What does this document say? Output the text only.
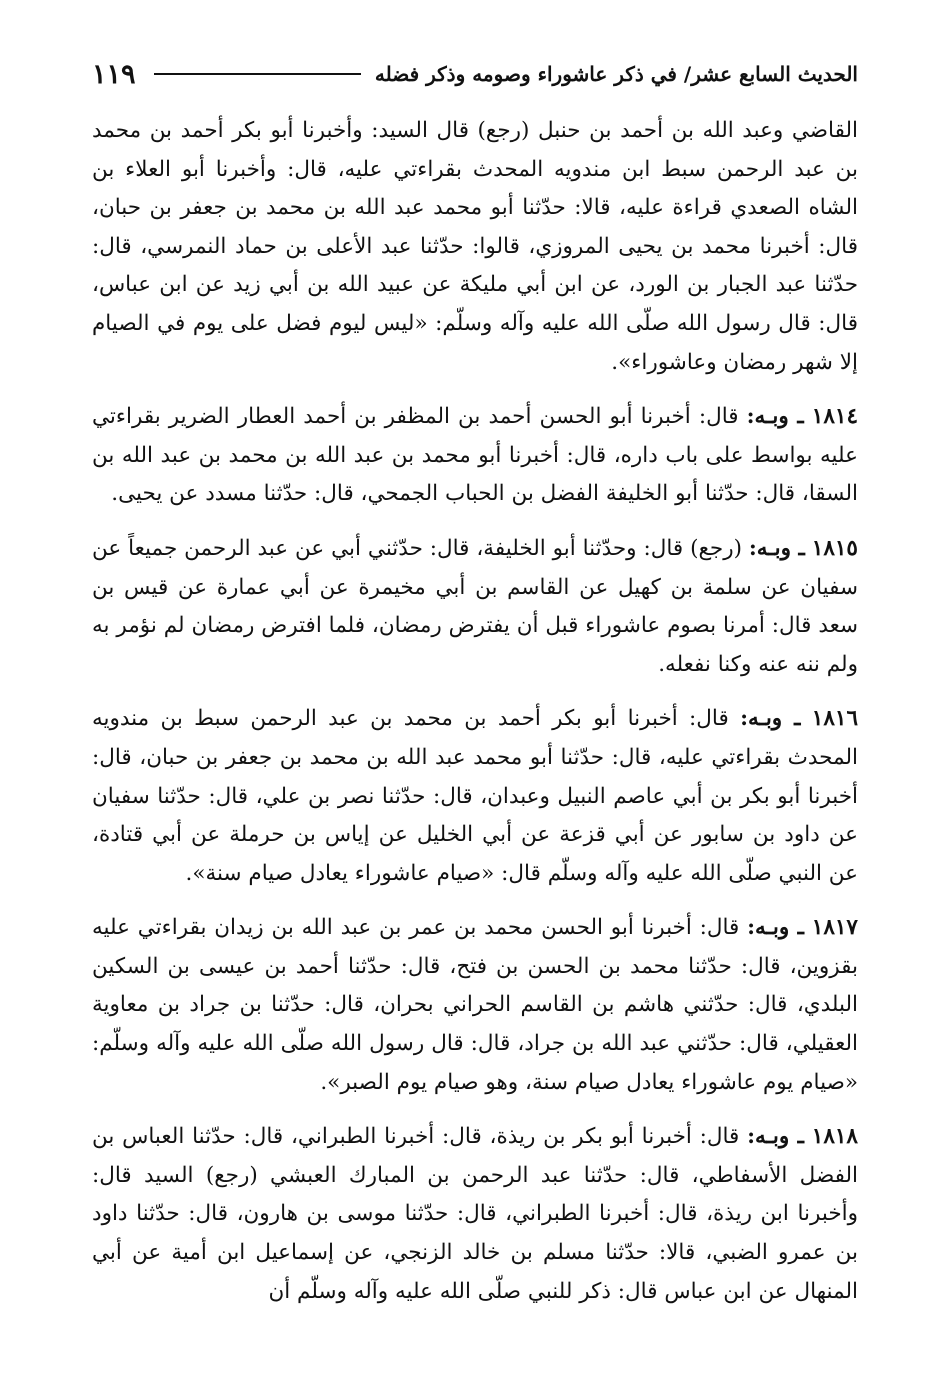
الحديث السابع عشر/ في ذكر عاشوراء وصومه وذكر فضله
١١٩

القاضي وعبد الله بن أحمد بن حنبل (رجع) قال السيد: وأخبرنا أبو بكر أحمد بن محمد بن عبد الرحمن سبط ابن مندويه المحدث بقراءتي عليه، قال: وأخبرنا أبو العلاء بن الشاه الصعدي قراءة عليه، قالا: حدّثنا أبو محمد عبد الله بن محمد بن جعفر بن حبان، قال: أخبرنا محمد بن يحيى المروزي، قالوا: حدّثنا عبد الأعلى بن حماد النمرسي، قال: حدّثنا عبد الجبار بن الورد، عن ابن أبي مليكة عن عبيد الله بن أبي زيد عن ابن عباس، قال: قال رسول الله صلّى الله عليه وآله وسلّم: «ليس ليوم فضل على يوم في الصيام إلا شهر رمضان وعاشوراء».

١٨١٤ ـ وبـه: قال: أخبرنا أبو الحسن أحمد بن المظفر بن أحمد العطار الضرير بقراءتي عليه بواسط على باب داره، قال: أخبرنا أبو محمد بن عبد الله بن محمد بن عبد الله بن السقا، قال: حدّثنا أبو الخليفة الفضل بن الحباب الجمحي، قال: حدّثنا مسدد عن يحيى.

١٨١٥ ـ وبـه: (رجع) قال: وحدّثنا أبو الخليفة، قال: حدّثني أبي عن عبد الرحمن جميعاً عن سفيان عن سلمة بن كهيل عن القاسم بن أبي مخيمرة عن أبي عمارة عن قيس بن سعد قال: أمرنا بصوم عاشوراء قبل أن يفترض رمضان، فلما افترض رمضان لم نؤمر به ولم ننه عنه وكنا نفعله.

١٨١٦ ـ وبـه: قال: أخبرنا أبو بكر أحمد بن محمد بن عبد الرحمن سبط بن مندويه المحدث بقراءتي عليه، قال: حدّثنا أبو محمد عبد الله بن محمد بن جعفر بن حبان، قال: أخبرنا أبو بكر بن أبي عاصم النبيل وعبدان، قال: حدّثنا نصر بن علي، قال: حدّثنا سفيان عن داود بن سابور عن أبي قزعة عن أبي الخليل عن إياس بن حرملة عن أبي قتادة، عن النبي صلّى الله عليه وآله وسلّم قال: «صيام عاشوراء يعادل صيام سنة».

١٨١٧ ـ وبـه: قال: أخبرنا أبو الحسن محمد بن عمر بن عبد الله بن زيدان بقراءتي عليه بقزوين، قال: حدّثنا محمد بن الحسن بن فتح، قال: حدّثنا أحمد بن عيسى بن السكين البلدي، قال: حدّثني هاشم بن القاسم الحراني بحران، قال: حدّثنا بن جراد بن معاوية العقيلي، قال: حدّثني عبد الله بن جراد، قال: قال رسول الله صلّى الله عليه وآله وسلّم: «صيام يوم عاشوراء يعادل صيام سنة، وهو صيام يوم الصبر».

١٨١٨ ـ وبـه: قال: أخبرنا أبو بكر بن ريذة، قال: أخبرنا الطبراني، قال: حدّثنا العباس بن الفضل الأسفاطي، قال: حدّثنا عبد الرحمن بن المبارك العبشي (رجع) السيد قال: وأخبرنا ابن ريذة، قال: أخبرنا الطبراني، قال: حدّثنا موسى بن هارون، قال: حدّثنا داود بن عمرو الضبي، قالا: حدّثنا مسلم بن خالد الزنجي، عن إسماعيل ابن أمية عن أبي المنهال عن ابن عباس قال: ذكر للنبي صلّى الله عليه وآله وسلّم أن
